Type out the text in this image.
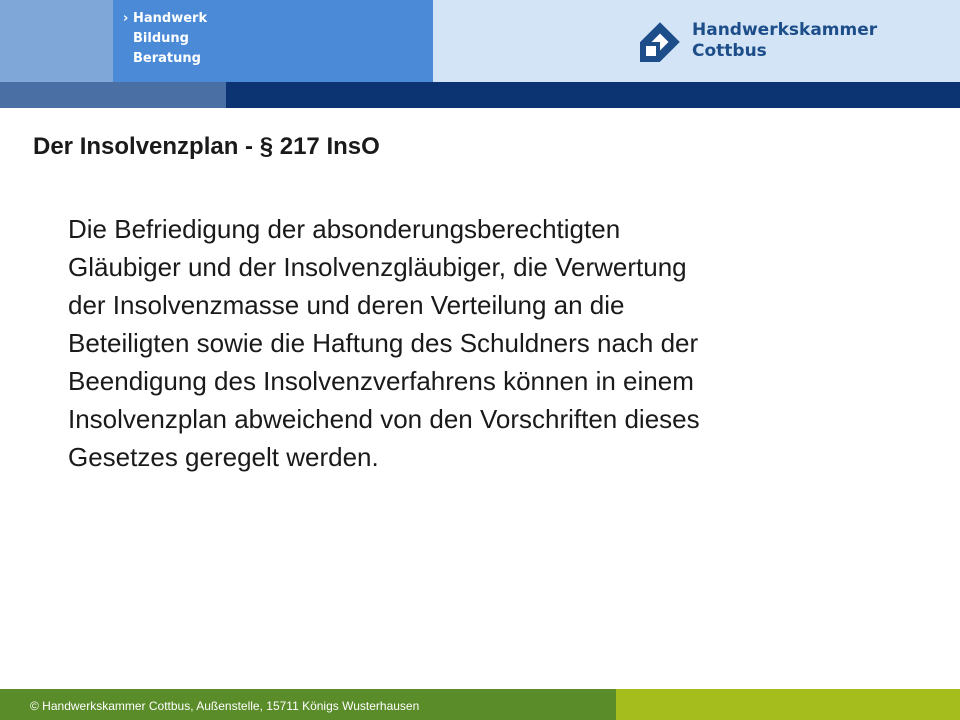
› Handwerk
Bildung
Beratung
Handwerkskammer
Cottbus
Der Insolvenzplan - § 217 InsO
Die Befriedigung der absonderungsberechtigten
Gläubiger und der Insolvenzgläubiger, die Verwertung
der Insolvenzmasse und deren Verteilung an die
Beteiligten sowie die Haftung des Schuldners nach der
Beendigung des Insolvenzverfahrens können in einem
Insolvenzplan abweichend von den Vorschriften dieses
Gesetzes geregelt werden.
© Handwerkskammer Cottbus, Außenstelle, 15711 Königs Wusterhausen
